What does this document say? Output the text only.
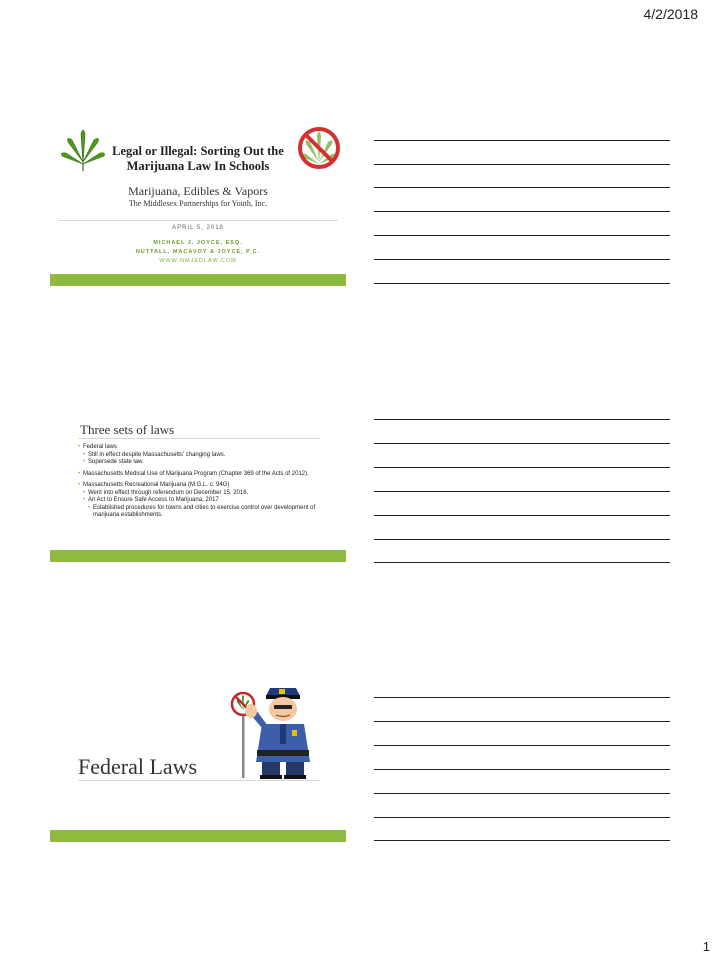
4/2/2018
Legal or Illegal: Sorting Out the
Marijuana Law In Schools
Marijuana, Edibles & Vapors
The Middlesex Partnerships for Youth, Inc.
APRIL 5, 2018
MICHAEL J. JOYCE, ESQ.
NUTTALL, MACAVOY & JOYCE, P.C.
WWW.NMJEDLAW.COM
Three sets of laws
• Federal laws
• Still in effect despite Massachusetts' changing laws.
• Supersede state law.
• Massachusetts Medical Use of Marijuana Program (Chapter 369 of the Acts of 2012).
• Massachusetts Recreational Marijuana (M.G.L. c. 94G)
• Went into effect through referendum on December 15, 2016.
• An Act to Ensure Safe Access to Marijuana, 2017
• Established procedures for towns and cities to exercise control over development of marijuana establishments.
Federal Laws
1
